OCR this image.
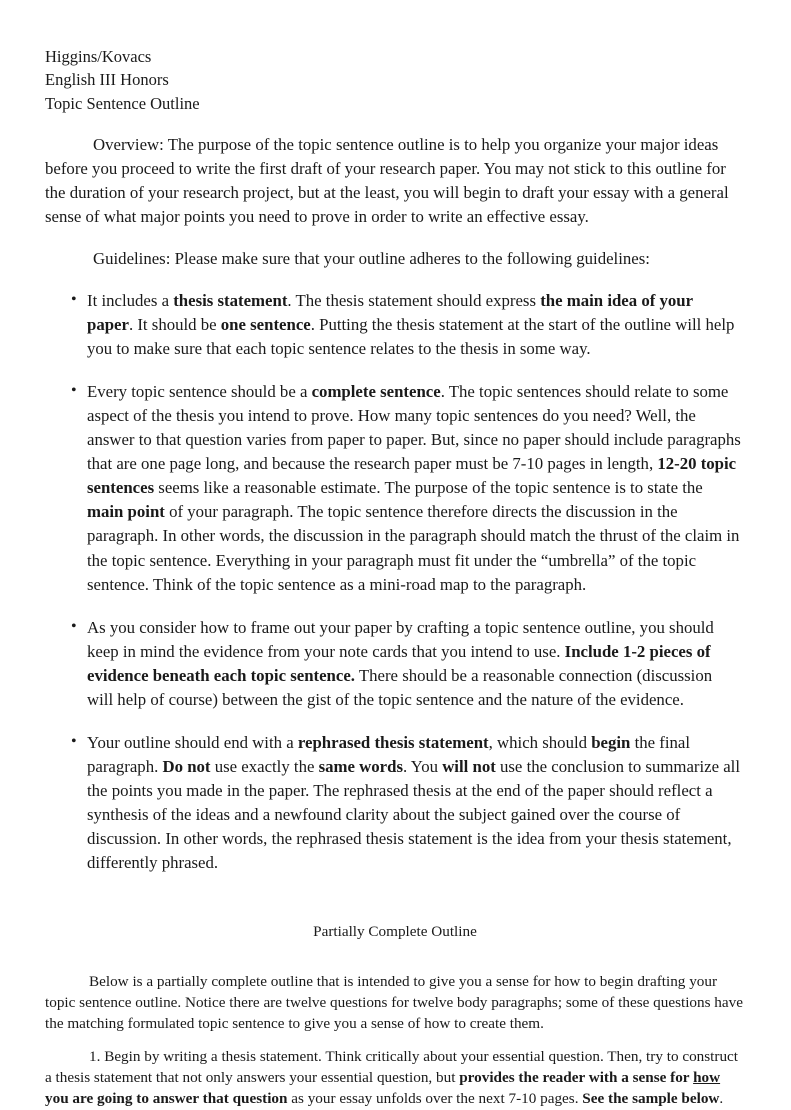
Higgins/Kovacs
English III Honors
Topic Sentence Outline

Overview: The purpose of the topic sentence outline is to help you organize your major ideas before you proceed to write the first draft of your research paper. You may not stick to this outline for the duration of your research project, but at the least, you will begin to draft your essay with a general sense of what major points you need to prove in order to write an effective essay.

Guidelines: Please make sure that your outline adheres to the following guidelines:

• It includes a thesis statement. The thesis statement should express the main idea of your paper. It should be one sentence. Putting the thesis statement at the start of the outline will help you to make sure that each topic sentence relates to the thesis in some way.
• Every topic sentence should be a complete sentence. The topic sentences should relate to some aspect of the thesis you intend to prove. How many topic sentences do you need? Well, the answer to that question varies from paper to paper. But, since no paper should include paragraphs that are one page long, and because the research paper must be 7-10 pages in length, 12-20 topic sentences seems like a reasonable estimate. The purpose of the topic sentence is to state the main point of your paragraph. The topic sentence therefore directs the discussion in the paragraph. In other words, the discussion in the paragraph should match the thrust of the claim in the topic sentence. Everything in your paragraph must fit under the “umbrella” of the topic sentence. Think of the topic sentence as a mini-road map to the paragraph.
• As you consider how to frame out your paper by crafting a topic sentence outline, you should keep in mind the evidence from your note cards that you intend to use. Include 1-2 pieces of evidence beneath each topic sentence. There should be a reasonable connection (discussion will help of course) between the gist of the topic sentence and the nature of the evidence.
• Your outline should end with a rephrased thesis statement, which should begin the final paragraph. Do not use exactly the same words. You will not use the conclusion to summarize all the points you made in the paper. The rephrased thesis at the end of the paper should reflect a synthesis of the ideas and a newfound clarity about the subject gained over the course of discussion. In other words, the rephrased thesis statement is the idea from your thesis statement, differently phrased.
Partially Complete Outline

Below is a partially complete outline that is intended to give you a sense for how to begin drafting your topic sentence outline. Notice there are twelve questions for twelve body paragraphs; some of these questions have the matching formulated topic sentence to give you a sense of how to create them.

1. Begin by writing a thesis statement. Think critically about your essential question. Then, try to construct a thesis statement that not only answers your essential question, but provides the reader with a sense for how you are going to answer that question as your essay unfolds over the next 7-10 pages. See the sample below.
